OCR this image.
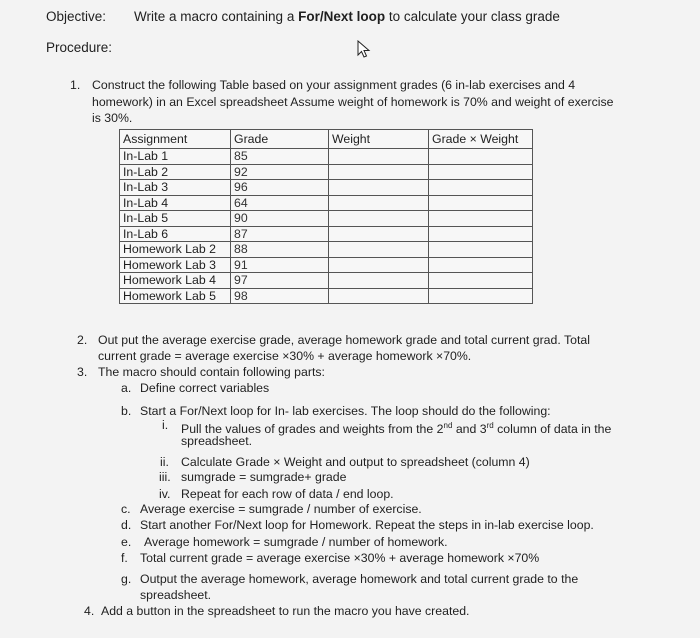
Objective: Write a macro containing a For/Next loop to calculate your class grade
Procedure:
1. Construct the following Table based on your assignment grades (6 in-lab exercises and 4
homework) in an Excel spreadsheet Assume weight of homework is 70% and weight of exercise
is 30%.
Assignment	Grade	Weight	Grade × Weight
In-Lab 1	85		
In-Lab 2	92		
In-Lab 3	96		
In-Lab 4	64		
In-Lab 5	90		
In-Lab 6	87		
Homework Lab 2	88		
Homework Lab 3	91		
Homework Lab 4	97		
Homework Lab 5	98		
2. Out put the average exercise grade, average homework grade and total current grad. Total
current grade = average exercise ×30% + average homework ×70%.
3. The macro should contain following parts:
a. Define correct variables
b. Start a For/Next loop for In- lab exercises. The loop should do the following:
i. Pull the values of grades and weights from the 2nd and 3rd column of data in the
spreadsheet.
ii. Calculate Grade × Weight and output to spreadsheet (column 4)
iii. sumgrade = sumgrade+ grade
iv. Repeat for each row of data / end loop.
c. Average exercise = sumgrade / number of exercise.
d. Start another For/Next loop for Homework. Repeat the steps in in-lab exercise loop.
e. Average homework = sumgrade / number of homework.
f. Total current grade = average exercise ×30% + average homework ×70%
g. Output the average homework, average homework and total current grade to the
spreadsheet.
4. Add a button in the spreadsheet to run the macro you have created.
